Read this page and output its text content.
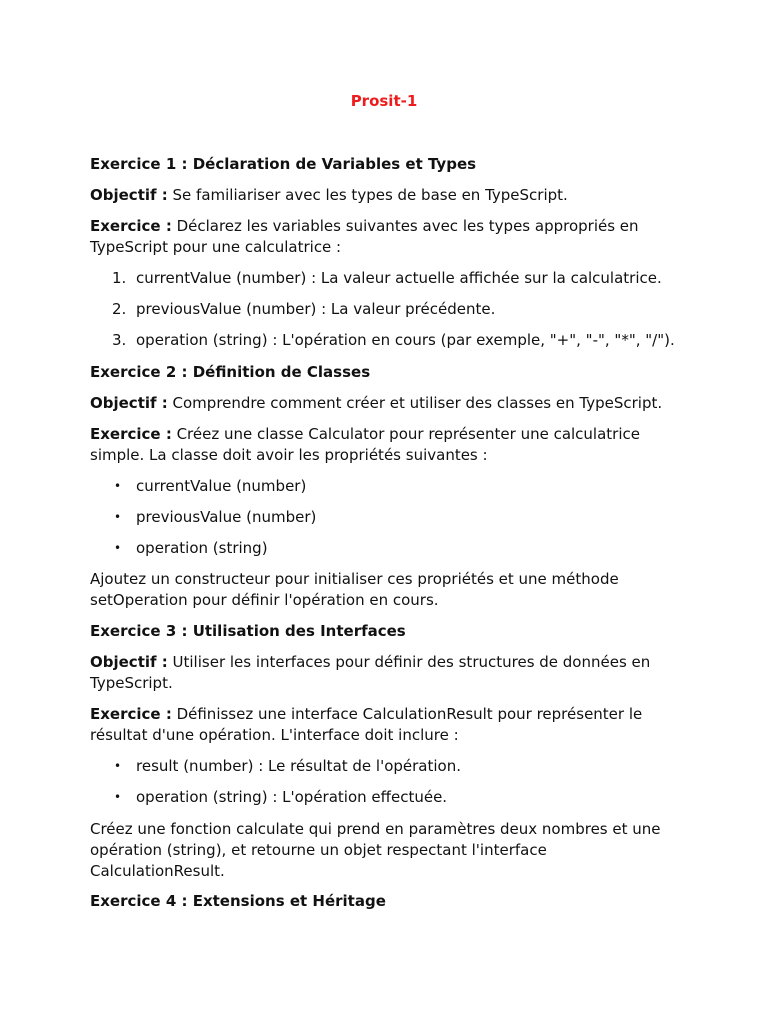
Prosit-1

Exercice 1 : Déclaration de Variables et Types

Objectif : Se familiariser avec les types de base en TypeScript.

Exercice : Déclarez les variables suivantes avec les types appropriés en

TypeScript pour une calculatrice :

1. currentValue (number) : La valeur actuelle affichée sur la calculatrice.
2. previousValue (number) : La valeur précédente.
3. operation (string) : L'opération en cours (par exemple, "+", "-", "*", "/").

Exercice 2 : Définition de Classes

Objectif : Comprendre comment créer et utiliser des classes en TypeScript.

Exercice : Créez une classe Calculator pour représenter une calculatrice

simple. La classe doit avoir les propriétés suivantes :

• currentValue (number)
• previousValue (number)
• operation (string)

Ajoutez un constructeur pour initialiser ces propriétés et une méthode

setOperation pour définir l'opération en cours.

Exercice 3 : Utilisation des Interfaces

Objectif : Utiliser les interfaces pour définir des structures de données en

TypeScript.

Exercice : Définissez une interface CalculationResult pour représenter le

résultat d'une opération. L'interface doit inclure :

• result (number) : Le résultat de l'opération.
• operation (string) : L'opération effectuée.

Créez une fonction calculate qui prend en paramètres deux nombres et une

opération (string), et retourne un objet respectant l'interface

CalculationResult.

Exercice 4 : Extensions et Héritage
